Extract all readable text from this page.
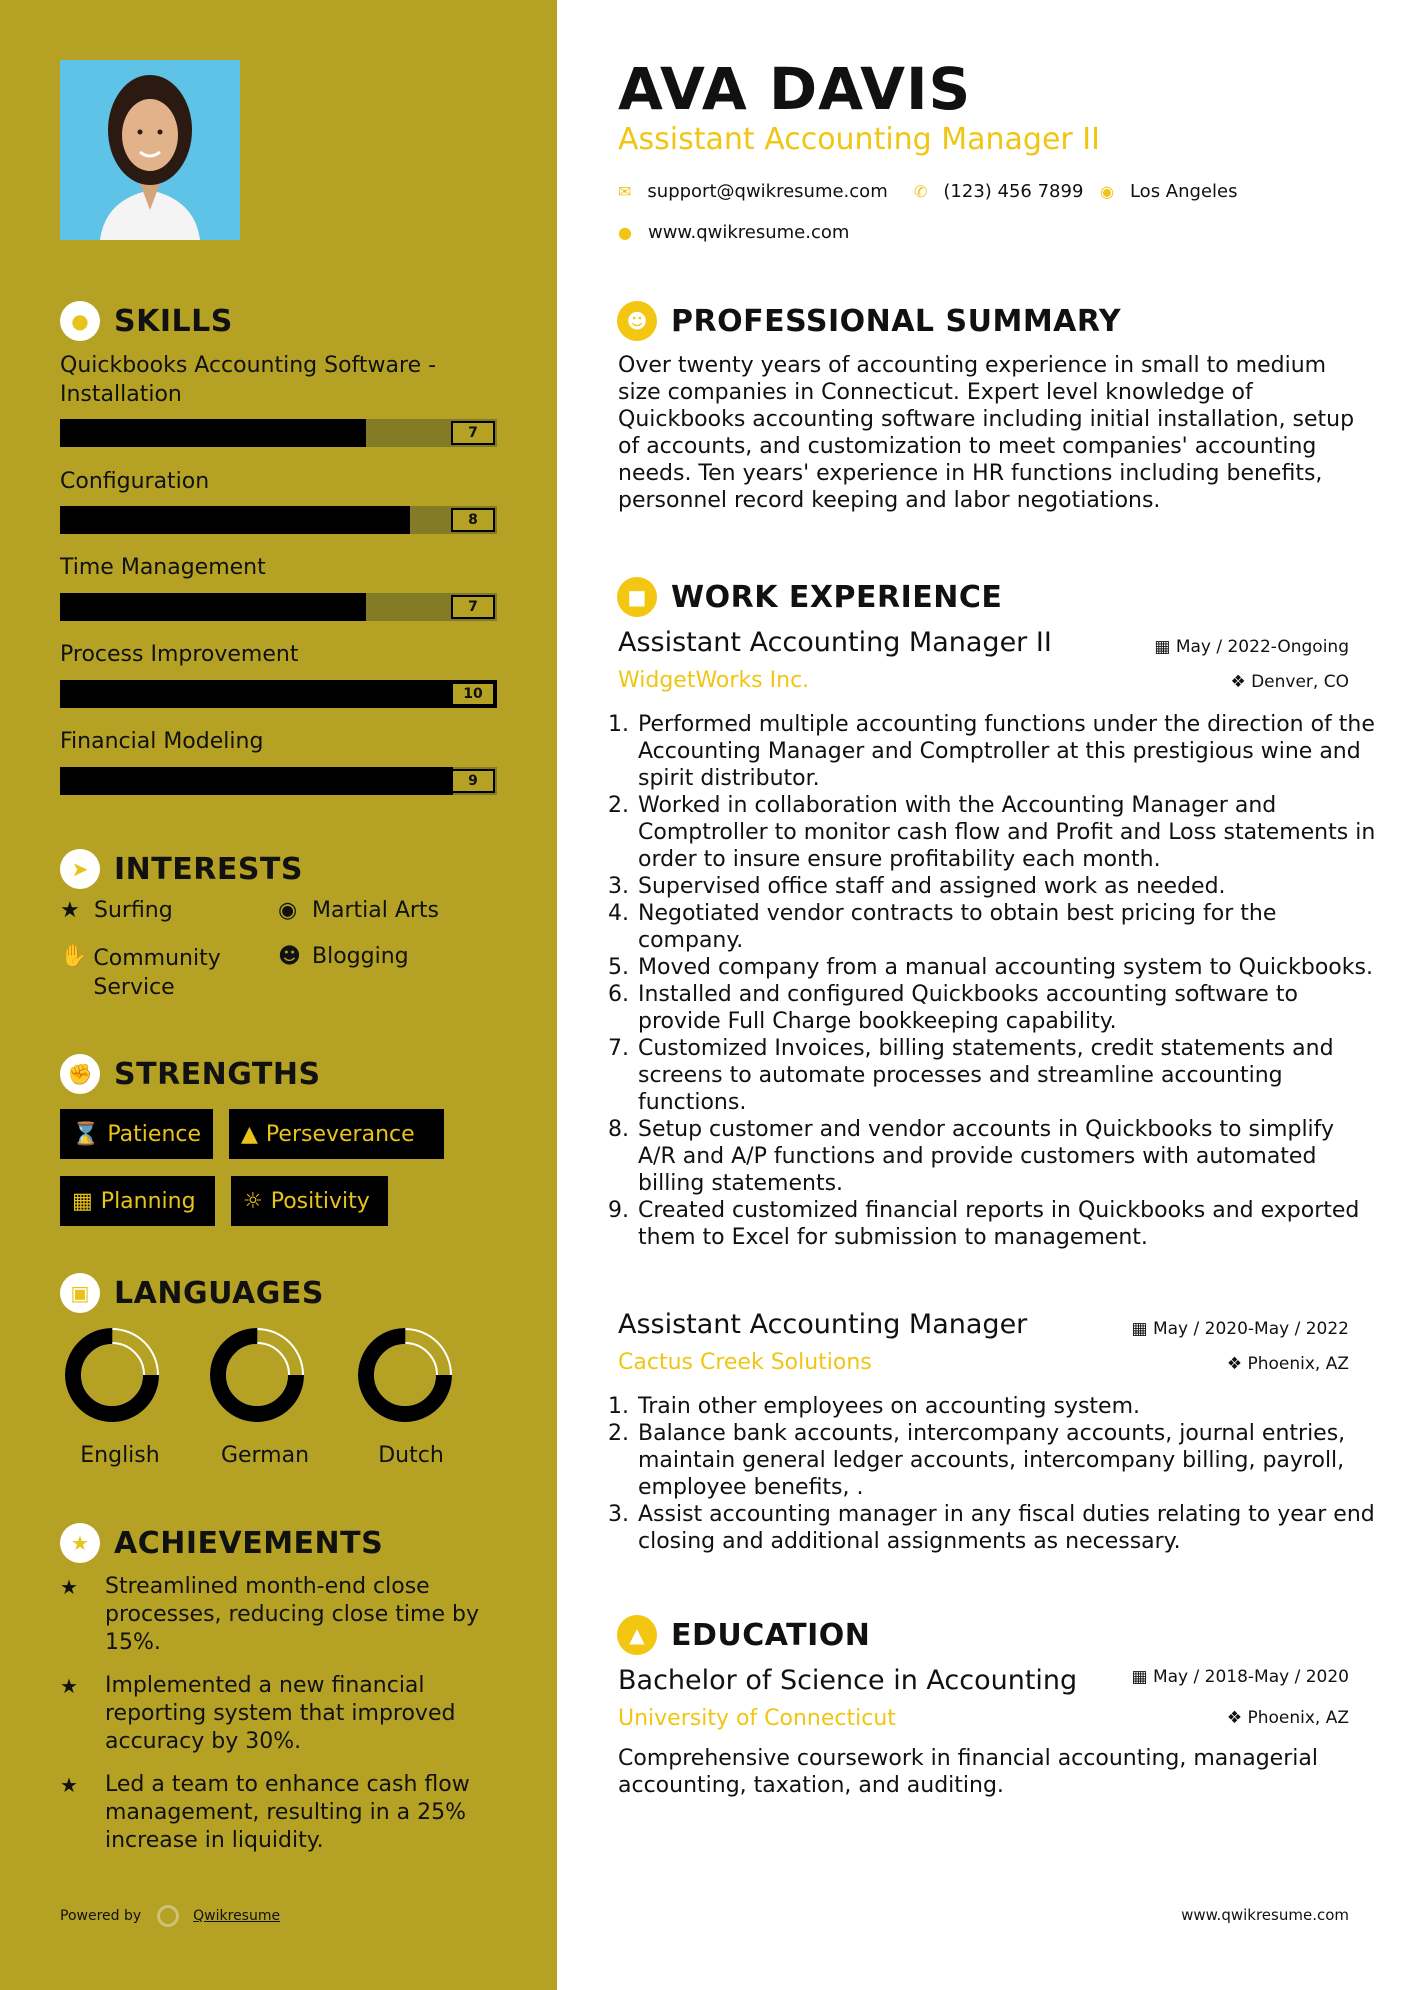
● SKILLS
Quickbooks Accounting Software - Installation
7
Configuration
8
Time Management
7
Process Improvement
10
Financial Modeling
9
➤ INTERESTS
★ Surfing	◉ Martial Arts
✋ Community Service
☻ Blogging
✊ STRENGTHS
⌛ Patience ▲ Perseverance
▦ Planning ☼ Positivity
▣ LANGUAGES
English	German	Dutch
★ ACHIEVEMENTS
★	Streamlined month-end close processes, reducing close time by 15%.
★	Implemented a new financial reporting system that improved accuracy by 30%.
★	Led a team to enhance cash flow management, resulting in a 25% increase in liquidity.
Powered by	Qwikresume
AVA DAVIS
Assistant Accounting Manager II
✉ support@qwikresume.com ✆ (123) 456 7899 ◉ Los Angeles
● www.qwikresume.com
☻ PROFESSIONAL SUMMARY
Over twenty years of accounting experience in small to medium size companies in Connecticut. Expert level knowledge of Quickbooks accounting software including initial installation, setup of accounts, and customization to meet companies' accounting needs. Ten years' experience in HR functions including benefits, personnel record keeping and labor negotiations.
■ WORK EXPERIENCE
Assistant Accounting Manager II	▦ May / 2022-Ongoing
WidgetWorks Inc.	❖ Denver, CO
1. Performed multiple accounting functions under the direction of the Accounting Manager and Comptroller at this prestigious wine and spirit distributor.
2. Worked in collaboration with the Accounting Manager and Comptroller to monitor cash flow and Profit and Loss statements in order to insure ensure profitability each month.
3. Supervised office staff and assigned work as needed.
4. Negotiated vendor contracts to obtain best pricing for the company.
5. Moved company from a manual accounting system to Quickbooks.
6. Installed and configured Quickbooks accounting software to provide Full Charge bookkeeping capability.
7. Customized Invoices, billing statements, credit statements and screens to automate processes and streamline accounting functions.
8. Setup customer and vendor accounts in Quickbooks to simplify A/R and A/P functions and provide customers with automated billing statements.
9. Created customized financial reports in Quickbooks and exported them to Excel for submission to management.
Assistant Accounting Manager	▦ May / 2020-May / 2022
Cactus Creek Solutions	❖ Phoenix, AZ
1. Train other employees on accounting system.
2. Balance bank accounts, intercompany accounts, journal entries, maintain general ledger accounts, intercompany billing, payroll, employee benefits, .
3. Assist accounting manager in any fiscal duties relating to year end closing and additional assignments as necessary.
▲ EDUCATION
Bachelor of Science in Accounting	▦ May / 2018-May / 2020
University of Connecticut	❖ Phoenix, AZ
Comprehensive coursework in financial accounting, managerial accounting, taxation, and auditing.
www.qwikresume.com
